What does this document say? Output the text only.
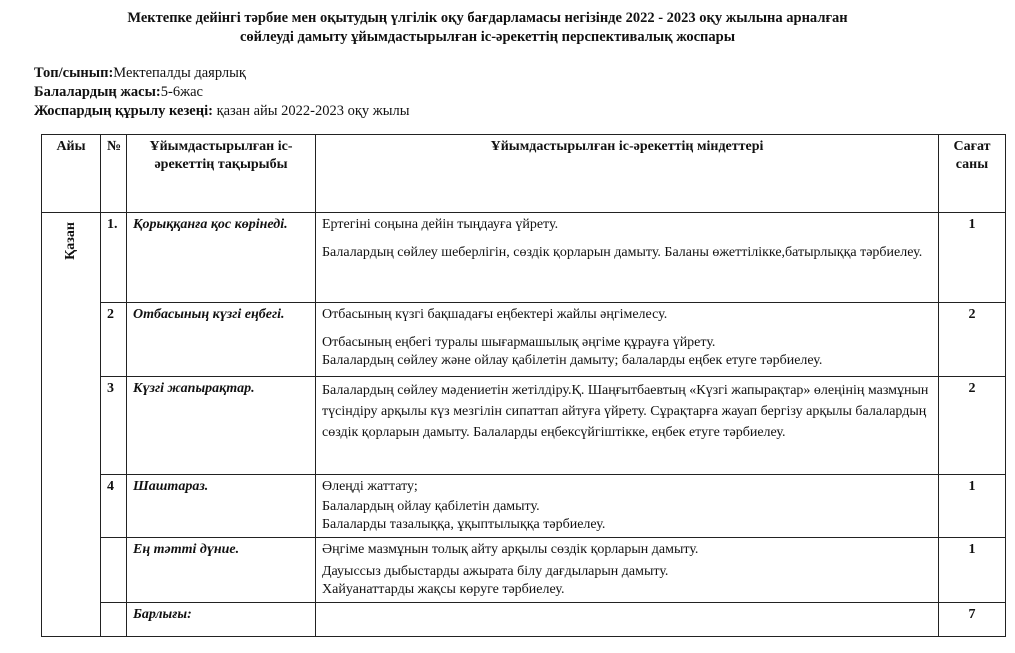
Мектепке дейінгі тәрбие мен оқытудың үлгілік оқу бағдарламасы негізінде 2022 - 2023 оқу жылына арналған
сөйлеуді дамыту ұйымдастырылған іс-әрекеттің перспективалық жоспары
Топ/сынып:Мектепалды даярлық
Балалардың жасы:5-6жас
Жоспардың құрылу кезеңі: қазан айы 2022-2023 оқу жылы
Айы	№	Ұйымдастырылған іс-әрекеттің тақырыбы	Ұйымдастырылған іс-әрекеттің міндеттері	Сағат саны
Қазан	1.	Қорыққанға қос көрінеді.	Ертегіні соңына дейін тыңдауға үйрету.

Балалардың сөйлеу шеберлігін, сөздік қорларын дамыту. Баланы өжеттілікке,батырлыққа тәрбиелеу.	1
	2	Отбасының күзгі еңбегі.	Отбасының күзгі бақшадағы еңбектері жайлы әңгімелесу.

Отбасының еңбегі туралы шығармашылық әңгіме құрауға үйрету.

Балалардың сөйлеу және ойлау қабілетін дамыту; балаларды еңбек етуге тәрбиелеу.	2
	3	Күзгі жапырақтар.	Балалардың сөйлеу мәдениетін жетілдіру.Қ. Шаңғытбаевтың «Күзгі жапырақтар» өлеңінің мазмұнын түсіндіру арқылы күз мезгілін сипаттап айтуға үйрету. Сұрақтарға жауап бергізу арқылы балалардың сөздік қорларын дамыту. Балаларды еңбексүйгіштікке, еңбек етуге тәрбиелеу.	2
	4	Шаштараз.	Өлеңді жаттату;

Балалардың ойлау қабілетін дамыту.

Балаларды тазалыққа, ұқыптылыққа тәрбиелеу.	1
		Ең тәтті дүние.	Әңгіме мазмұнын толық айту арқылы сөздік қорларын дамыту.

Дауыссыз дыбыстарды ажырата білу дағдыларын дамыту.

Хайуанаттарды жақсы көруге тәрбиелеу.	1
		Барлығы:		7
